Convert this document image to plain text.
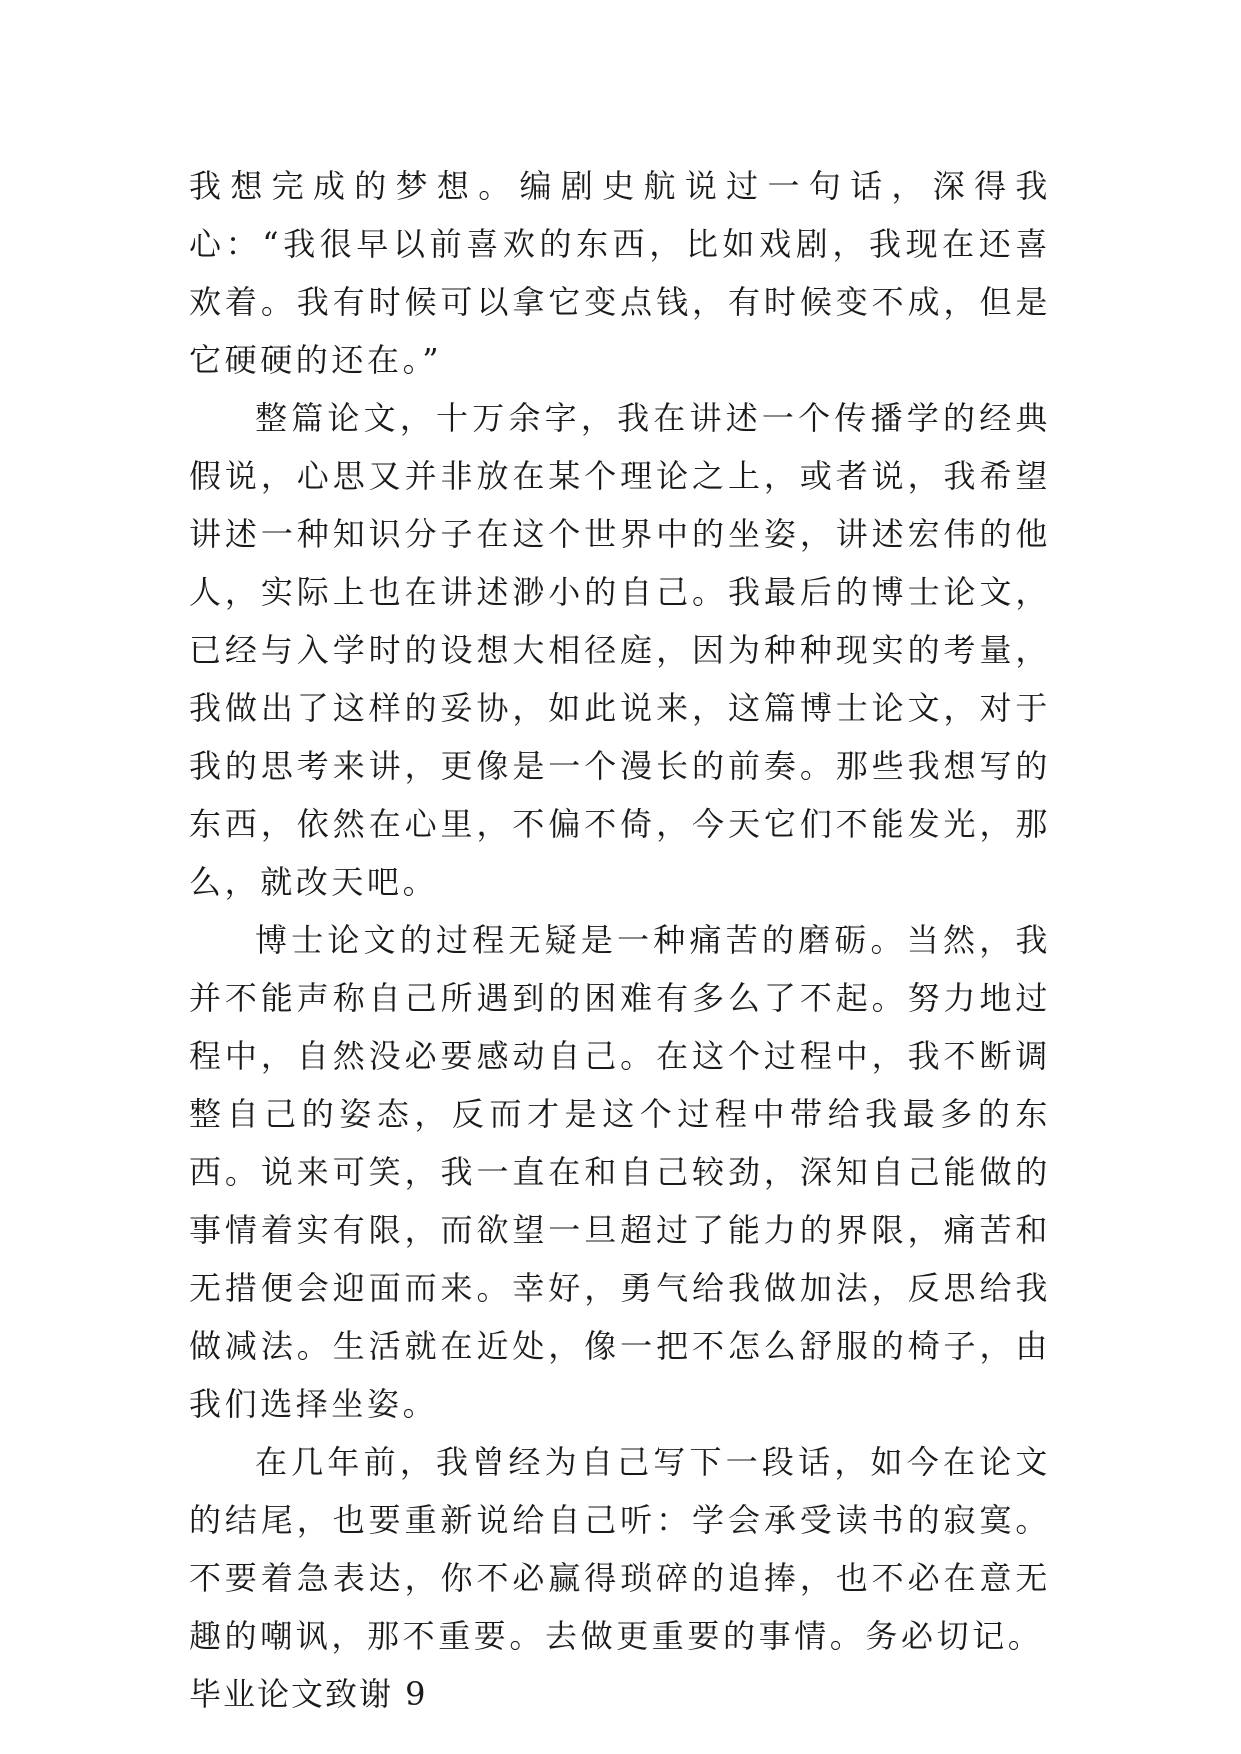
我想完成的梦想。编剧史航说过一句话，深得我心：“我很早以前喜欢的东西，比如戏剧，我现在还喜欢着。我有时候可以拿它变点钱，有时候变不成，但是它硬硬的还在。”

整篇论文，十万余字，我在讲述一个传播学的经典假说，心思又并非放在某个理论之上，或者说，我希望讲述一种知识分子在这个世界中的坐姿，讲述宏伟的他人，实际上也在讲述渺小的自己。我最后的博士论文，已经与入学时的设想大相径庭，因为种种现实的考量，我做出了这样的妥协，如此说来，这篇博士论文，对于我的思考来讲，更像是一个漫长的前奏。那些我想写的东西，依然在心里，不偏不倚，今天它们不能发光，那么，就改天吧。

博士论文的过程无疑是一种痛苦的磨砺。当然，我并不能声称自己所遇到的困难有多么了不起。努力地过程中，自然没必要感动自己。在这个过程中，我不断调整自己的姿态，反而才是这个过程中带给我最多的东西。说来可笑，我一直在和自己较劲，深知自己能做的事情着实有限，而欲望一旦超过了能力的界限，痛苦和无措便会迎面而来。幸好，勇气给我做加法，反思给我做减法。生活就在近处，像一把不怎么舒服的椅子，由我们选择坐姿。

在几年前，我曾经为自己写下一段话，如今在论文的结尾，也要重新说给自己听：学会承受读书的寂寞。不要着急表达，你不必赢得琐碎的追捧，也不必在意无趣的嘲讽，那不重要。去做更重要的事情。务必切记。

毕业论文致谢 9
